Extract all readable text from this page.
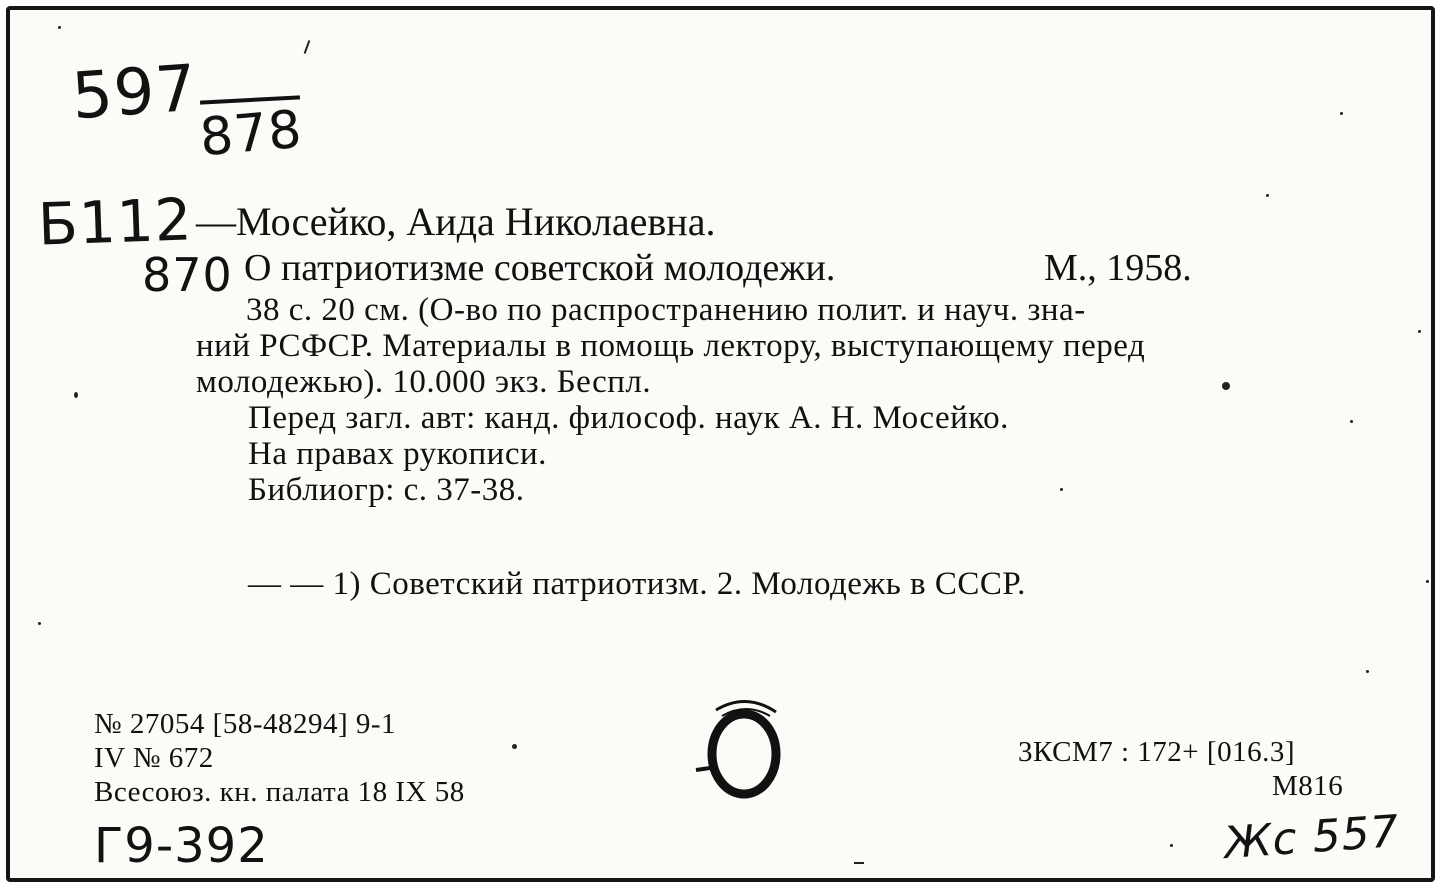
597
878
Б112
870
—Мосейко, Аида Николаевна.
О патриотизме советской молодежи.	М., 1958.
38 с. 20 см. (О-во по распространению полит. и науч. зна-
ний РСФСР. Материалы в помощь лектору, выступающему перед
молодежью). 10.000 экз. Беспл.
Перед загл. авт: канд. философ. наук А. Н. Мосейко.
На правах рукописи.
Библиогр: с. 37-38.
— — 1) Советский патриотизм. 2. Молодежь в СССР.
№ 27054 [58-48294] 9-1
IV № 672
Всесоюз. кн. палата 18 IX 58
3КСМ7 : 172+ [016.3]
М816
Г9-392	Жс 557
